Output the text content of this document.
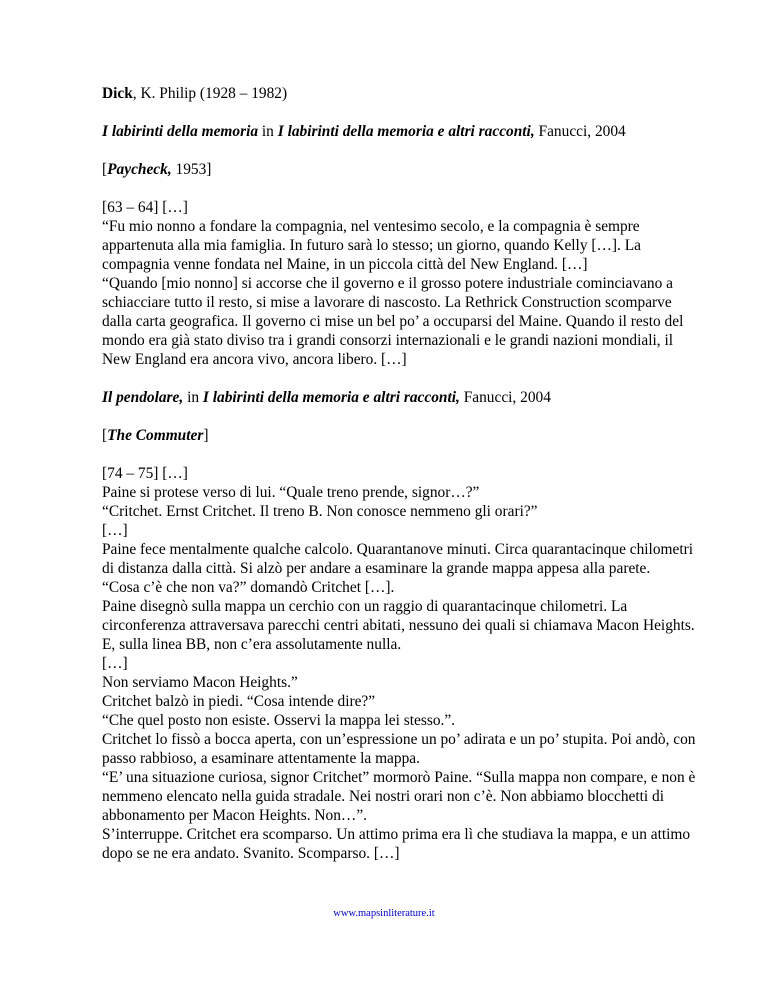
Dick, K. Philip (1928 – 1982)

I labirinti della memoria in I labirinti della memoria e altri racconti, Fanucci, 2004

[Paycheck, 1953]

[63 – 64] […]
“Fu mio nonno a fondare la compagnia, nel ventesimo secolo, e la compagnia è sempre appartenuta alla mia famiglia. In futuro sarà lo stesso; un giorno, quando Kelly […]. La compagnia venne fondata nel Maine, in un piccola città del New England. […]
“Quando [mio nonno] si accorse che il governo e il grosso potere industriale cominciavano a schiacciare tutto il resto, si mise a lavorare di nascosto. La Rethrick Construction scomparve dalla carta geografica. Il governo ci mise un bel po’ a occuparsi del Maine. Quando il resto del mondo era già stato diviso tra i grandi consorzi internazionali e le grandi nazioni mondiali, il New England era ancora vivo, ancora libero. […]

Il pendolare, in I labirinti della memoria e altri racconti, Fanucci, 2004

[The Commuter]

[74 – 75] […]
Paine si protese verso di lui. “Quale treno prende, signor…?”
“Critchet. Ernst Critchet. Il treno B. Non conosce nemmeno gli orari?”
[…]
Paine fece mentalmente qualche calcolo. Quarantanove minuti. Circa quarantacinque chilometri di distanza dalla città. Si alzò per andare a esaminare la grande mappa appesa alla parete.
“Cosa c’è che non va?” domandò Critchet […].
Paine disegnò sulla mappa un cerchio con un raggio di quarantacinque chilometri. La circonferenza attraversava parecchi centri abitati, nessuno dei quali si chiamava Macon Heights. E, sulla linea BB, non c’era assolutamente nulla.
[…]
Non serviamo Macon Heights.”
Critchet balzò in piedi. “Cosa intende dire?”
“Che quel posto non esiste. Osservi la mappa lei stesso.”.
Critchet lo fissò a bocca aperta, con un’espressione un po’ adirata e un po’ stupita. Poi andò, con passo rabbioso, a esaminare attentamente la mappa.
“E’ una situazione curiosa, signor Critchet” mormorò Paine. “Sulla mappa non compare, e non è nemmeno elencato nella guida stradale. Nei nostri orari non c’è. Non abbiamo blocchetti di abbonamento per Macon Heights. Non…”.
S’interruppe. Critchet era scomparso. Un attimo prima era lì che studiava la mappa, e un attimo dopo se ne era andato. Svanito. Scomparso. […]
www.mapsinliterature.it
